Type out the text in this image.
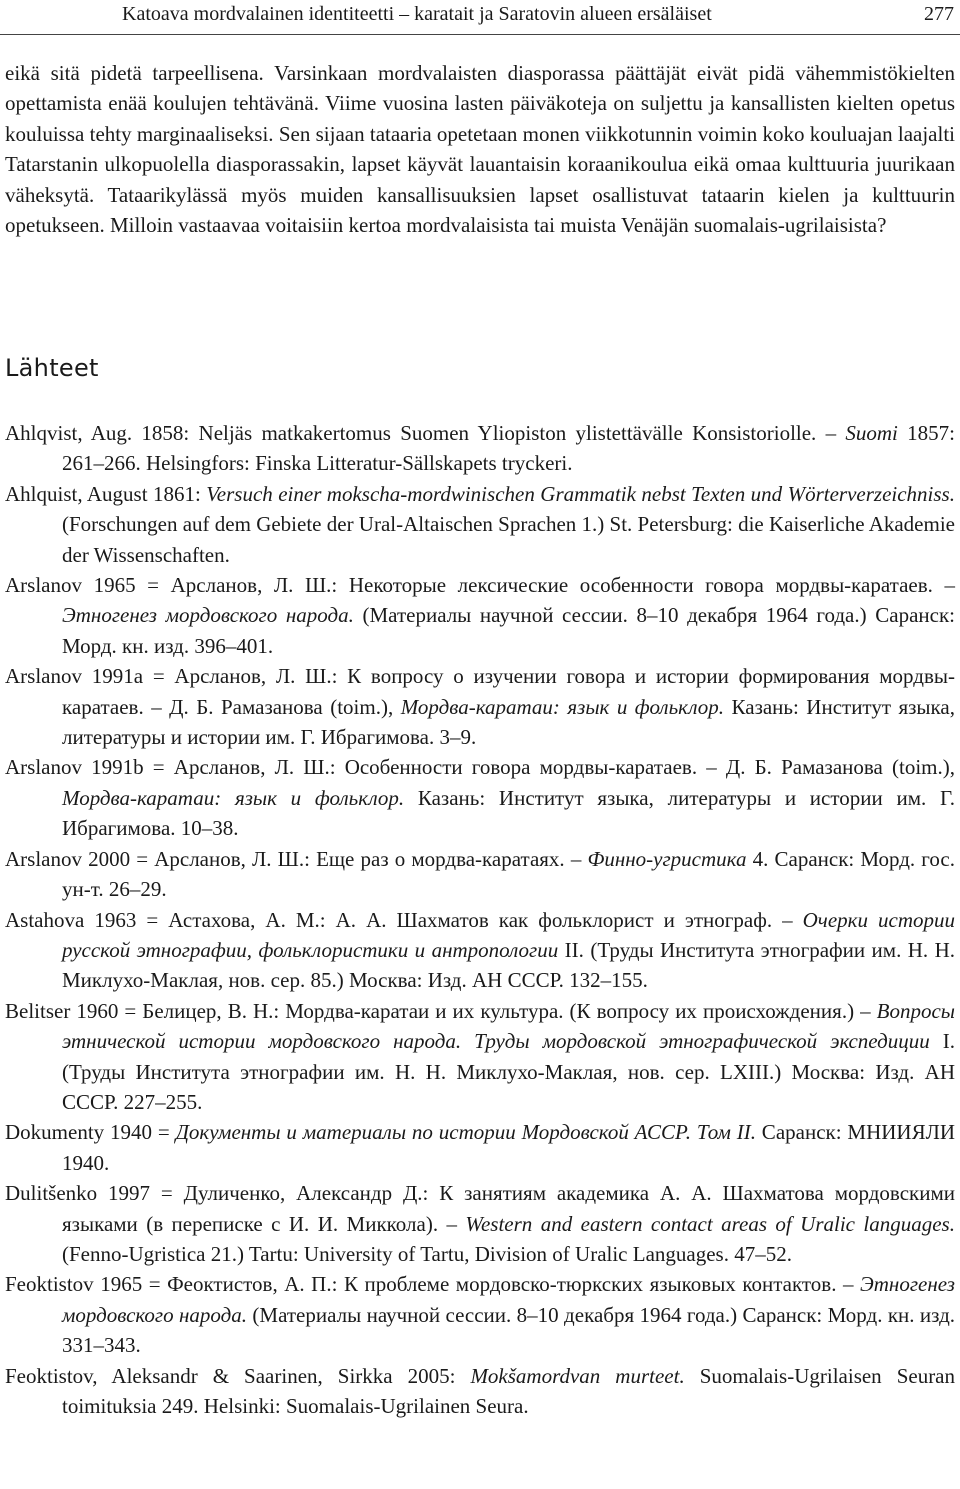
Katoava mordvalainen identiteetti – karatait ja Saratovin alueen ersäläiset	277

eikä sitä pidetä tarpeellisena. Varsinkaan mordvalaisten diasporassa päättäjät eivät pidä vähemmistökielten opettamista enää koulujen tehtävänä. Viime vuosina lasten päiväkoteja on suljettu ja kansallisten kielten opetus kouluissa tehty marginaaliseksi. Sen sijaan tataaria opetetaan monen viikkotunnin voimin koko kouluajan laajalti Tatarstanin ulkopuolella diasporassakin, lapset käyvät lauantaisin koraanikoulua eikä omaa kulttuuria juurikaan väheksytä. Tataarikylässä myös muiden kansallisuuksien lapset osallistuvat tataarin kielen ja kulttuurin opetukseen. Milloin vastaavaa voitaisiin kertoa mordvalaisista tai muista Venäjän suomalais-ugrilaisista?

Lähteet

Ahlqvist, Aug. 1858: Neljäs matkakertomus Suomen Yliopiston ylistettävälle Konsistoriolle. – Suomi 1857: 261–266. Helsingfors: Finska Litteratur-Sällskapets tryckeri.

Ahlquist, August 1861: Versuch einer mokscha-mordwinischen Grammatik nebst Texten und Wörterverzeichniss. (Forschungen auf dem Gebiete der Ural-Altaischen Sprachen 1.) St. Petersburg: die Kaiserliche Akademie der Wissenschaften.

Arslanov 1965 = Арсланов, Л. Ш.: Некоторые лексические особенности говора мордвы-каратаев. – Этногенез мордовского народа. (Материалы научной сессии. 8–10 декабря 1964 года.) Саранск: Морд. кн. изд. 396–401.

Arslanov 1991a = Арсланов, Л. Ш.: К вопросу о изучении говора и истории формирования мордвы-каратаев. – Д. Б. Рамазанова (toim.), Мордва-каратаи: язык и фольклор. Казань: Институт языка, литературы и истории им. Г. Ибрагимова. 3–9.

Arslanov 1991b = Арсланов, Л. Ш.: Особенности говора мордвы-каратаев. – Д. Б. Рамазанова (toim.), Мордва-каратаи: язык и фольклор. Казань: Институт языка, литературы и истории им. Г. Ибрагимова. 10–38.

Arslanov 2000 = Арсланов, Л. Ш.: Еще раз о мордва-каратаях. – Финно-угристика 4. Саранск: Морд. гос. ун-т. 26–29.

Astahova 1963 = Астахова, А. М.: А. А. Шахматов как фольклорист и этнограф. – Очерки истории русской этнографии, фольклористики и антропологии II. (Труды Института этнографии им. Н. Н. Миклухо-Маклая, нов. сер. 85.) Москва: Изд. АН СССР. 132–155.

Belitser 1960 = Белицер, В. Н.: Мордва-каратаи и их культура. (К вопросу их происхождения.) – Вопросы этнической истории мордовского народа. Труды мордовской этнографической экспедиции I. (Труды Института этнографии им. Н. Н. Миклухо-Маклая, нов. сер. LXIII.) Москва: Изд. АН СССР. 227–255.

Dokumenty 1940 = Документы и материалы по истории Мордовской АССР. Том II. Саранск: МНИИЯЛИ 1940.

Dulitšenko 1997 = Дуличенко, Александр Д.: К занятиям академика А. А. Шахматова мордовскими языками (в переписке с И. И. Миккола). – Western and eastern contact areas of Uralic languages. (Fenno-Ugristica 21.) Tartu: University of Tartu, Division of Uralic Languages. 47–52.

Feoktistov 1965 = Феоктистов, А. П.: К проблеме мордовско-тюркских языковых контактов. – Этногенез мордовского народа. (Материалы научной сессии. 8–10 декабря 1964 года.) Саранск: Морд. кн. изд. 331–343.

Feoktistov, Aleksandr & Saarinen, Sirkka 2005: Mokšamordvan murteet. Suomalais-Ugrilaisen Seuran toimituksia 249. Helsinki: Suomalais-Ugrilainen Seura.
